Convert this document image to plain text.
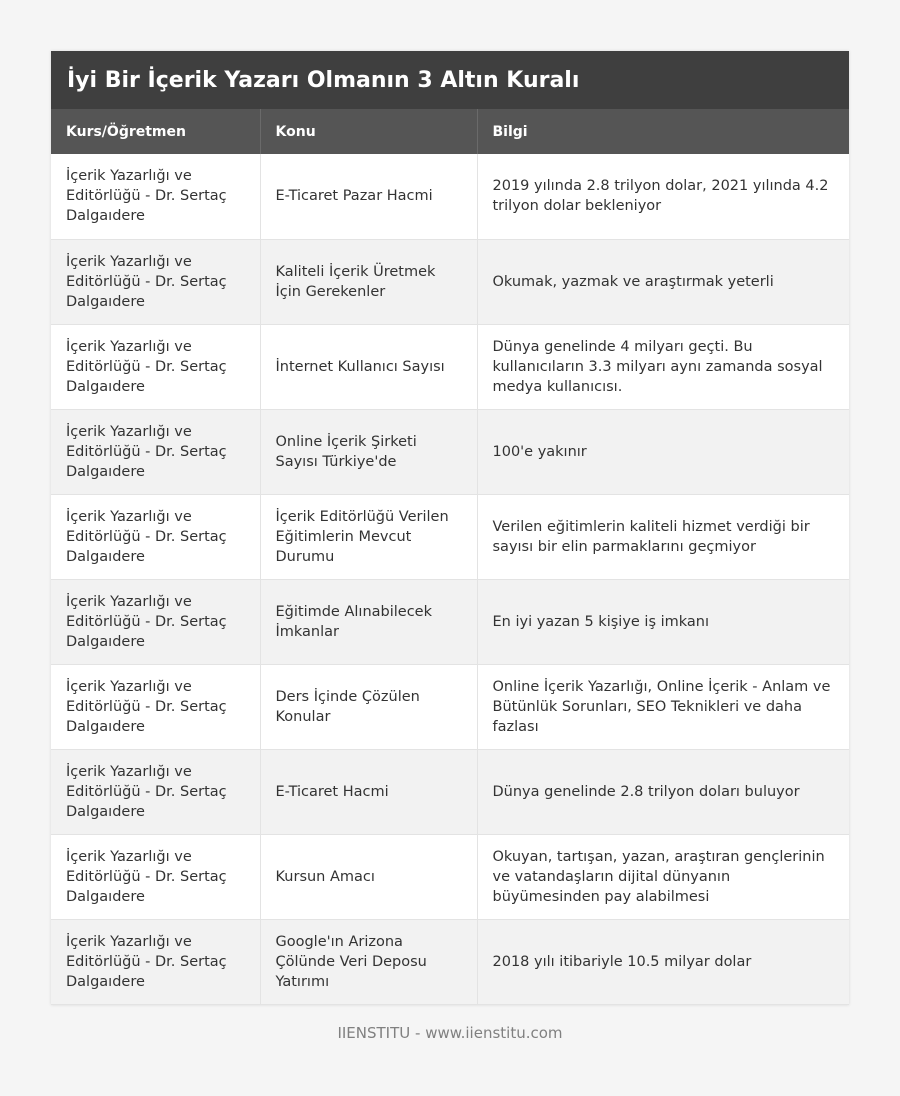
İyi Bir İçerik Yazarı Olmanın 3 Altın Kuralı
Kurs/Öğretmen	Konu	Bilgi
İçerik Yazarlığı ve Editörlüğü - Dr. Sertaç Dalgaıdere	E-Ticaret Pazar Hacmi	2019 yılında 2.8 trilyon dolar, 2021 yılında 4.2 trilyon dolar bekleniyor
İçerik Yazarlığı ve Editörlüğü - Dr. Sertaç Dalgaıdere	Kaliteli İçerik Üretmek İçin Gerekenler	Okumak, yazmak ve araştırmak yeterli
İçerik Yazarlığı ve Editörlüğü - Dr. Sertaç Dalgaıdere	İnternet Kullanıcı Sayısı	Dünya genelinde 4 milyarı geçti. Bu kullanıcıların 3.3 milyarı aynı zamanda sosyal medya kullanıcısı.
İçerik Yazarlığı ve Editörlüğü - Dr. Sertaç Dalgaıdere	Online İçerik Şirketi Sayısı Türkiye'de	100'e yakınır
İçerik Yazarlığı ve Editörlüğü - Dr. Sertaç Dalgaıdere	İçerik Editörlüğü Verilen Eğitimlerin Mevcut Durumu	Verilen eğitimlerin kaliteli hizmet verdiği bir sayısı bir elin parmaklarını geçmiyor
İçerik Yazarlığı ve Editörlüğü - Dr. Sertaç Dalgaıdere	Eğitimde Alınabilecek İmkanlar	En iyi yazan 5 kişiye iş imkanı
İçerik Yazarlığı ve Editörlüğü - Dr. Sertaç Dalgaıdere	Ders İçinde Çözülen Konular	Online İçerik Yazarlığı, Online İçerik - Anlam ve Bütünlük Sorunları, SEO Teknikleri ve daha fazlası
İçerik Yazarlığı ve Editörlüğü - Dr. Sertaç Dalgaıdere	E-Ticaret Hacmi	Dünya genelinde 2.8 trilyon doları buluyor
İçerik Yazarlığı ve Editörlüğü - Dr. Sertaç Dalgaıdere	Kursun Amacı	Okuyan, tartışan, yazan, araştıran gençlerinin ve vatandaşların dijital dünyanın büyümesinden pay alabilmesi
İçerik Yazarlığı ve Editörlüğü - Dr. Sertaç Dalgaıdere	Google'ın Arizona Çölünde Veri Deposu Yatırımı	2018 yılı itibariyle 10.5 milyar dolar
IIENSTITU - www.iienstitu.com
